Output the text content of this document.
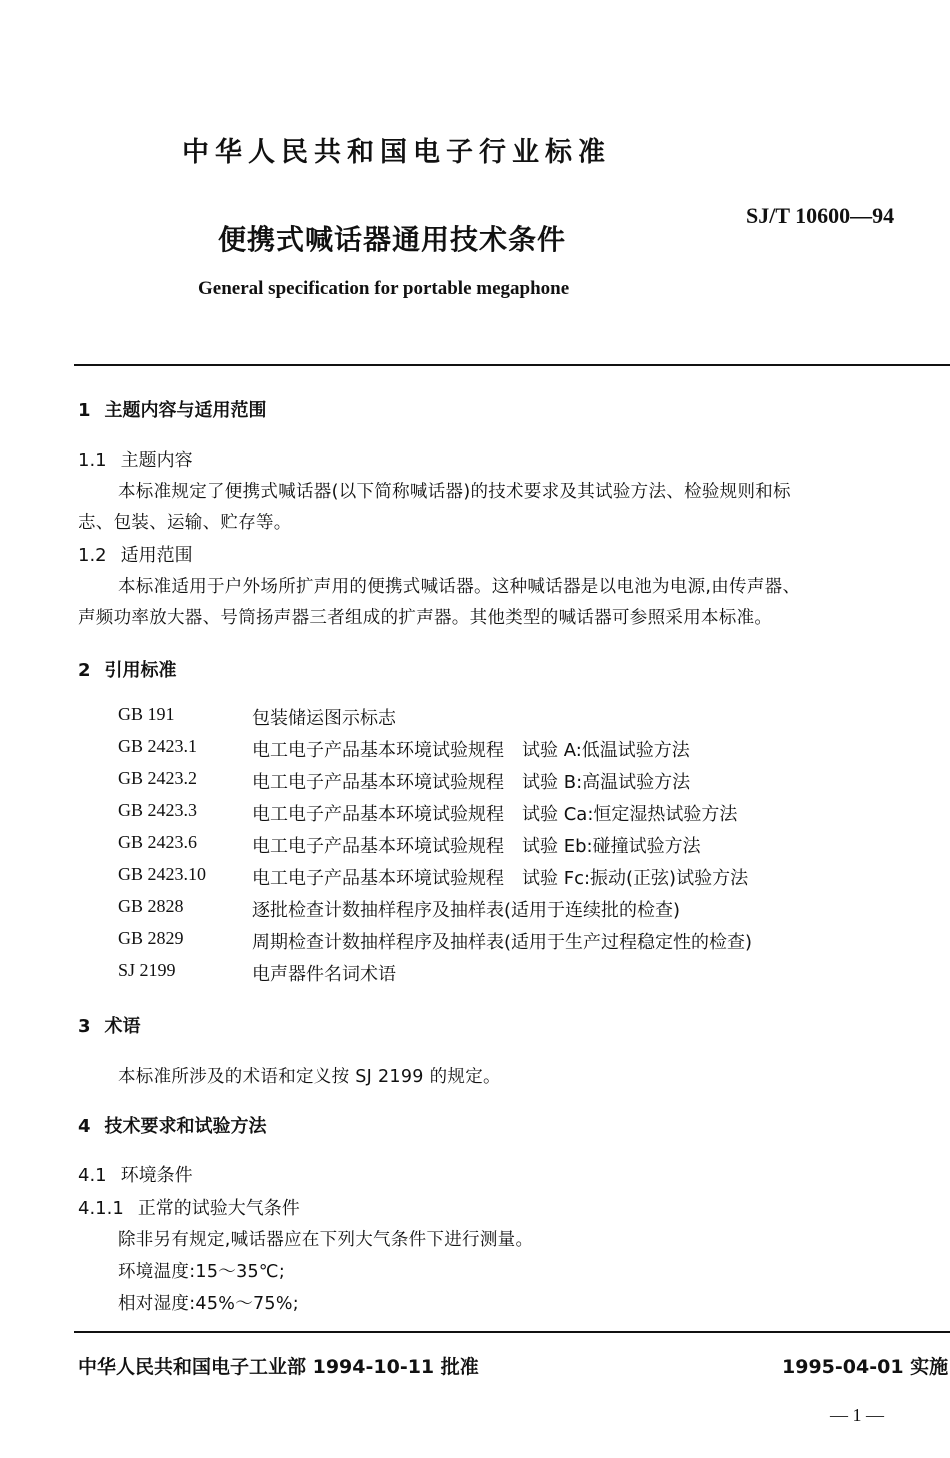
中华人民共和国电子行业标准
SJ/T 10600—94
便携式喊话器通用技术条件
General specification for portable megaphone
1 主题内容与适用范围
1.1 主题内容
本标准规定了便携式喊话器(以下简称喊话器)的技术要求及其试验方法、检验规则和标
志、包装、运输、贮存等。
1.2 适用范围
本标准适用于户外场所扩声用的便携式喊话器。这种喊话器是以电池为电源,由传声器、
声频功率放大器、号筒扬声器三者组成的扩声器。其他类型的喊话器可参照采用本标准。
2 引用标准
GB 191	包装储运图示标志
GB 2423.1	电工电子产品基本环境试验规程　试验 A:低温试验方法
GB 2423.2	电工电子产品基本环境试验规程　试验 B:高温试验方法
GB 2423.3	电工电子产品基本环境试验规程　试验 Ca:恒定湿热试验方法
GB 2423.6	电工电子产品基本环境试验规程　试验 Eb:碰撞试验方法
GB 2423.10	电工电子产品基本环境试验规程　试验 Fc:振动(正弦)试验方法
GB 2828	逐批检查计数抽样程序及抽样表(适用于连续批的检查)
GB 2829	周期检查计数抽样程序及抽样表(适用于生产过程稳定性的检查)
SJ 2199	电声器件名词术语
3 术语
本标准所涉及的术语和定义按 SJ 2199 的规定。
4 技术要求和试验方法
4.1 环境条件
4.1.1 正常的试验大气条件
除非另有规定,喊话器应在下列大气条件下进行测量。
环境温度:15～35℃;
相对湿度:45%～75%;
中华人民共和国电子工业部 1994-10-11 批准	1995-04-01 实施
— 1 —
